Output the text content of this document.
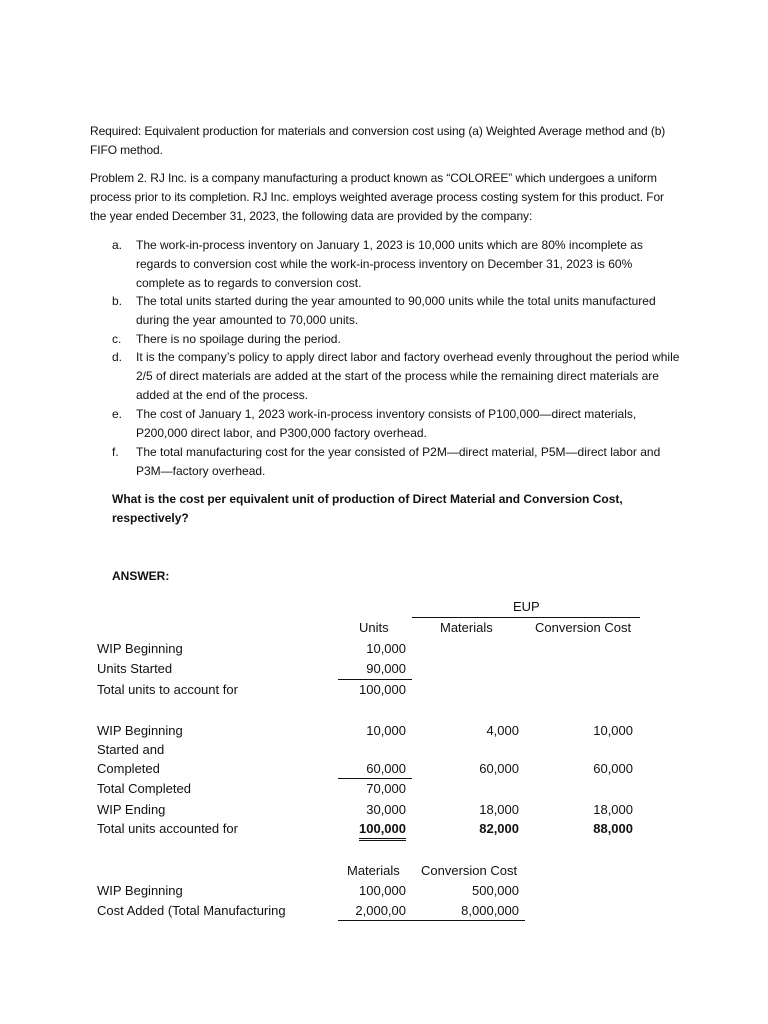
Required: Equivalent production for materials and conversion cost using (a) Weighted Average method and (b) FIFO method.
Problem 2. RJ Inc. is a company manufacturing a product known as “COLOREE” which undergoes a uniform process prior to its completion. RJ Inc. employs weighted average process costing system for this product. For the year ended December 31, 2023, the following data are provided by the company:
a.	The work-in-process inventory on January 1, 2023 is 10,000 units which are 80% incomplete as regards to conversion cost while the work-in-process inventory on December 31, 2023 is 60% complete as to regards to conversion cost.
b.	The total units started during the year amounted to 90,000 units while the total units manufactured during the year amounted to 70,000 units.
c.	There is no spoilage during the period.
d.	It is the company’s policy to apply direct labor and factory overhead evenly throughout the period while 2/5 of direct materials are added at the start of the process while the remaining direct materials are added at the end of the process.
e.	The cost of January 1, 2023 work-in-process inventory consists of P100,000—direct materials, P200,000 direct labor, and P300,000 factory overhead.
f.	The total manufacturing cost for the year consisted of P2M—direct material, P5M—direct labor and P3M—factory overhead.
What is the cost per equivalent unit of production of Direct Material and Conversion Cost, respectively?
ANSWER:
EUP
Units	Materials	Conversion Cost
WIP Beginning	10,000
Units Started	90,000
Total units to account for	100,000
WIP Beginning	10,000	4,000	10,000
Started and
Completed	60,000	60,000	60,000
Total Completed	70,000
WIP Ending	30,000	18,000	18,000
Total units accounted for	100,000	82,000	88,000
Materials Conversion Cost
WIP Beginning	100,000	500,000
Cost Added (Total Manufacturing	2,000,00	8,000,000
